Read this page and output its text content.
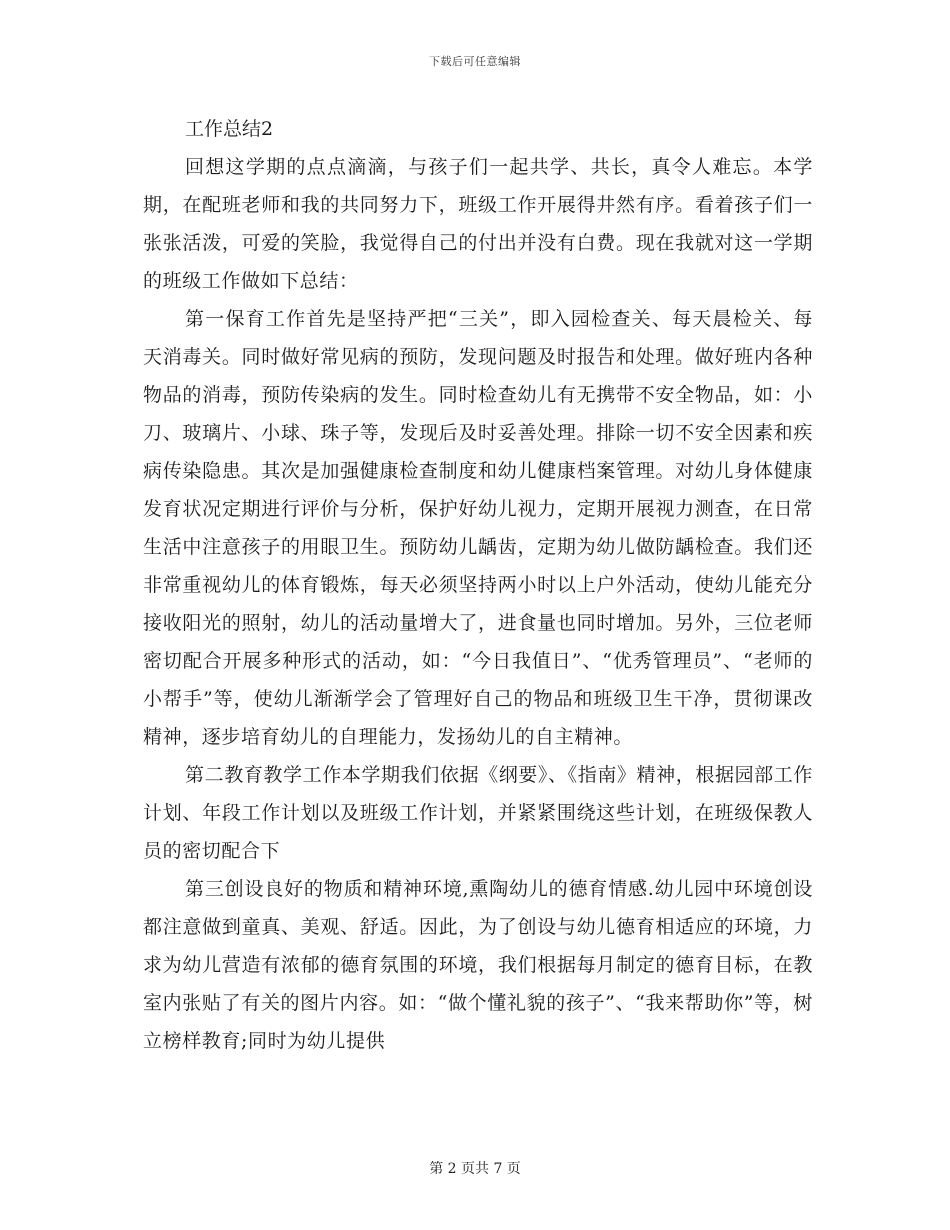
下载后可任意编辑
工作总结2

回想这学期的点点滴滴，与孩子们一起共学、共长，真令人难忘。本学期，在配班老师和我的共同努力下，班级工作开展得井然有序。看着孩子们一张张活泼，可爱的笑脸，我觉得自己的付出并没有白费。现在我就对这一学期的班级工作做如下总结：

第一保育工作首先是坚持严把“三关”，即入园检查关、每天晨检关、每天消毒关。同时做好常见病的预防，发现问题及时报告和处理。做好班内各种物品的消毒，预防传染病的发生。同时检查幼儿有无携带不安全物品，如：小刀、玻璃片、小球、珠子等，发现后及时妥善处理。排除一切不安全因素和疾病传染隐患。其次是加强健康检查制度和幼儿健康档案管理。对幼儿身体健康发育状况定期进行评价与分析，保护好幼儿视力，定期开展视力测查，在日常生活中注意孩子的用眼卫生。预防幼儿龋齿，定期为幼儿做防龋检查。我们还非常重视幼儿的体育锻炼，每天必须坚持两小时以上户外活动，使幼儿能充分接收阳光的照射，幼儿的活动量增大了，进食量也同时增加。另外，三位老师密切配合开展多种形式的活动，如：“今日我值日”、“优秀管理员”、“老师的小帮手”等，使幼儿渐渐学会了管理好自己的物品和班级卫生干净，贯彻课改精神，逐步培育幼儿的自理能力，发扬幼儿的自主精神。

第二教育教学工作本学期我们依据《纲要》、《指南》精神，根据园部工作计划、年段工作计划以及班级工作计划，并紧紧围绕这些计划，在班级保教人员的密切配合下

第三创设良好的物质和精神环境,熏陶幼儿的德育情感.幼儿园中环境创设都注意做到童真、美观、舒适。因此，为了创设与幼儿德育相适应的环境，力求为幼儿营造有浓郁的德育氛围的环境，我们根据每月制定的德育目标，在教室内张贴了有关的图片内容。如：“做个懂礼貌的孩子”、“我来帮助你”等，树立榜样教育;同时为幼儿提供

第 2 页共 7 页
